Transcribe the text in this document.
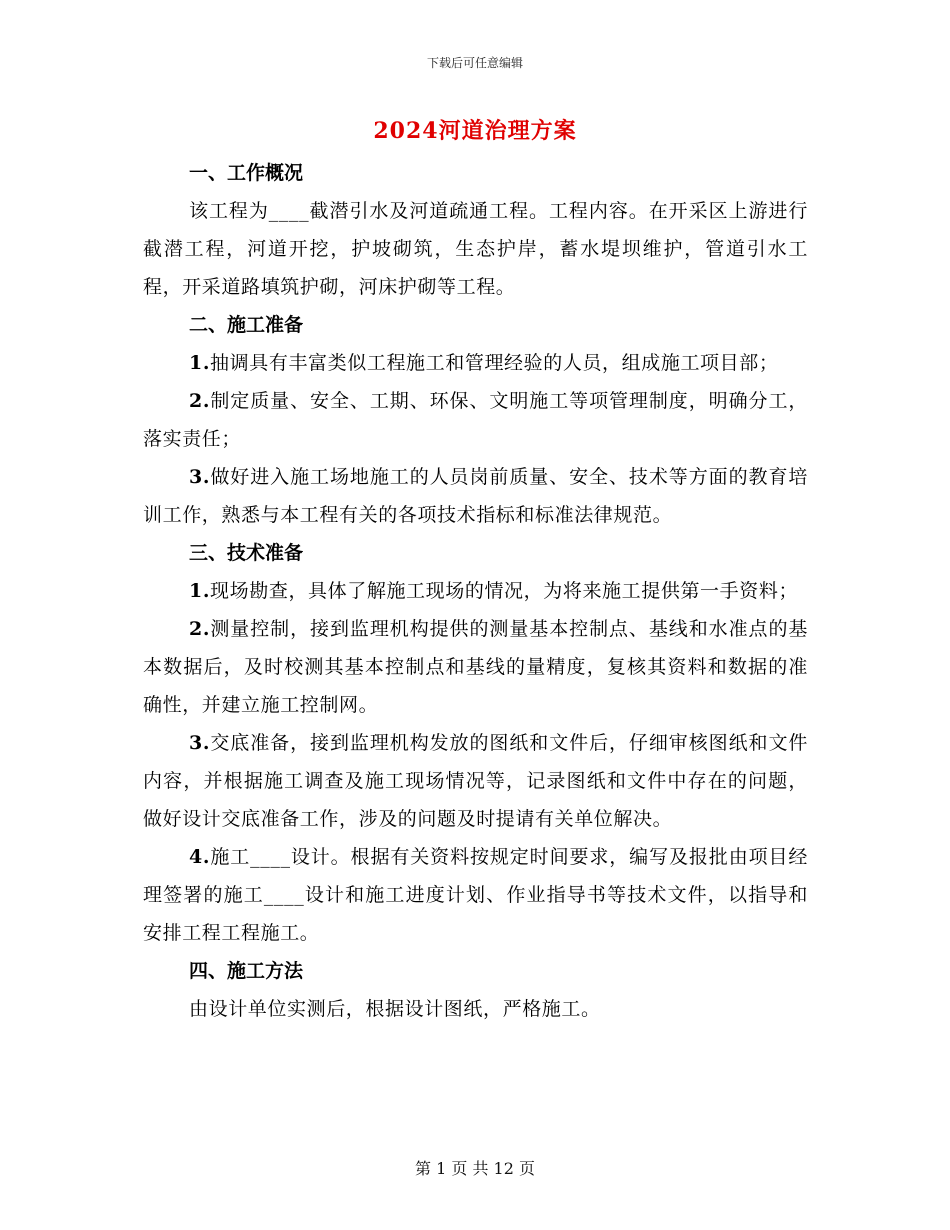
下载后可任意编辑
2024河道治理方案
一、工作概况

该工程为____截潜引水及河道疏通工程。工程内容。在开采区上游进行截潜工程，河道开挖，护坡砌筑，生态护岸，蓄水堤坝维护，管道引水工程，开采道路填筑护砌，河床护砌等工程。

二、施工准备

1.抽调具有丰富类似工程施工和管理经验的人员，组成施工项目部；

2.制定质量、安全、工期、环保、文明施工等项管理制度，明确分工，落实责任；

3.做好进入施工场地施工的人员岗前质量、安全、技术等方面的教育培训工作，熟悉与本工程有关的各项技术指标和标准法律规范。

三、技术准备

1.现场勘查，具体了解施工现场的情况，为将来施工提供第一手资料；

2.测量控制，接到监理机构提供的测量基本控制点、基线和水准点的基本数据后，及时校测其基本控制点和基线的量精度，复核其资料和数据的准确性，并建立施工控制网。

3.交底准备，接到监理机构发放的图纸和文件后，仔细审核图纸和文件内容，并根据施工调查及施工现场情况等，记录图纸和文件中存在的问题，做好设计交底准备工作，涉及的问题及时提请有关单位解决。

4.施工____设计。根据有关资料按规定时间要求，编写及报批由项目经理签署的施工____设计和施工进度计划、作业指导书等技术文件，以指导和安排工程工程施工。

四、施工方法

由设计单位实测后，根据设计图纸，严格施工。

第 1 页 共 12 页
